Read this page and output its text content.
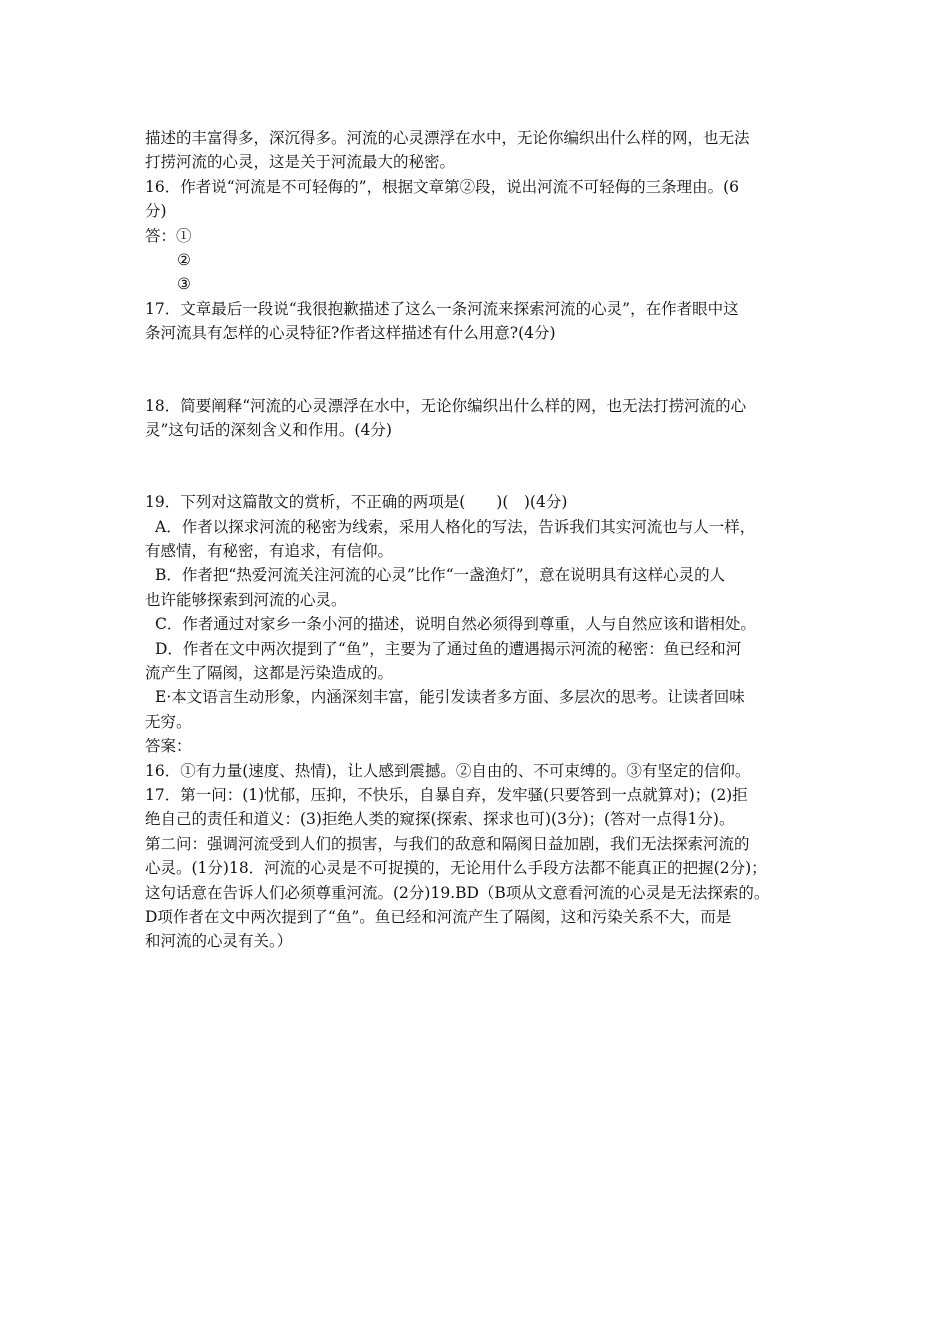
描述的丰富得多，深沉得多。河流的心灵漂浮在水中，无论你编织出什么样的网，也无法
打捞河流的心灵，这是关于河流最大的秘密。
16．作者说“河流是不可轻侮的”，根据文章第②段，说出河流不可轻侮的三条理由。(6
分)
答：①
②
③
17．文章最后一段说“我很抱歉描述了这么一条河流来探索河流的心灵”，在作者眼中这
条河流具有怎样的心灵特征?作者这样描述有什么用意?(4分)
18．简要阐释“河流的心灵漂浮在水中，无论你编织出什么样的网，也无法打捞河流的心
灵”这句话的深刻含义和作用。(4分)
19．下列对这篇散文的赏析，不正确的两项是(　　)(　)(4分)
A．作者以探求河流的秘密为线索，采用人格化的写法，告诉我们其实河流也与人一样，
有感情，有秘密，有追求，有信仰。
B．作者把“热爱河流关注河流的心灵”比作“一盏渔灯”，意在说明具有这样心灵的人
也许能够探索到河流的心灵。
C．作者通过对家乡一条小河的描述，说明自然必须得到尊重，人与自然应该和谐相处。
D．作者在文中两次提到了“鱼”，主要为了通过鱼的遭遇揭示河流的秘密：鱼已经和河
流产生了隔阂，这都是污染造成的。
E·本文语言生动形象，内涵深刻丰富，能引发读者多方面、多层次的思考。让读者回味
无穷。
答案：
16．①有力量(速度、热情)，让人感到震撼。②自由的、不可束缚的。③有坚定的信仰。
17．第一问：(1)忧郁，压抑，不快乐，自暴自弃，发牢骚(只要答到一点就算对)；(2)拒
绝自己的责任和道义：(3)拒绝人类的窥探(探索、探求也可)(3分)；(答对一点得1分)。
第二问：强调河流受到人们的损害，与我们的敌意和隔阂日益加剧，我们无法探索河流的
心灵。(1分)18．河流的心灵是不可捉摸的，无论用什么手段方法都不能真正的把握(2分)；
这句话意在告诉人们必须尊重河流。(2分)19.BD（B项从文意看河流的心灵是无法探索的。
D项作者在文中两次提到了“鱼”。鱼已经和河流产生了隔阂，这和污染关系不大，而是
和河流的心灵有关。）
